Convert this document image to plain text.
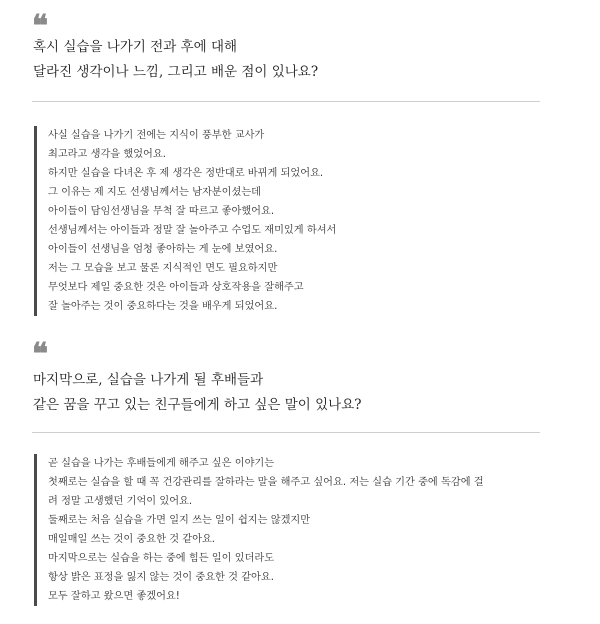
❝
혹시 실습을 나가기 전과 후에 대해
달라진 생각이나 느낌, 그리고 배운 점이 있나요?
사실 실습을 나가기 전에는 지식이 풍부한 교사가
최고라고 생각을 했었어요.
하지만 실습을 다녀온 후 제 생각은 정반대로 바뀌게 되었어요.
그 이유는 제 지도 선생님께서는 남자분이셨는데
아이들이 담임선생님을 무척 잘 따르고 좋아했어요.
선생님께서는 아이들과 정말 잘 놀아주고 수업도 재미있게 하셔서
아이들이 선생님을 엄청 좋아하는 게 눈에 보였어요.
저는 그 모습을 보고 물론 지식적인 면도 필요하지만
무엇보다 제일 중요한 것은 아이들과 상호작용을 잘해주고
잘 놀아주는 것이 중요하다는 것을 배우게 되었어요.
❝
마지막으로, 실습을 나가게 될 후배들과
같은 꿈을 꾸고 있는 친구들에게 하고 싶은 말이 있나요?
곧 실습을 나가는 후배들에게 해주고 싶은 이야기는
첫째로는 실습을 할 때 꼭 건강관리를 잘하라는 말을 해주고 싶어요. 저는 실습 기간 중에 독감에 걸
려 정말 고생했던 기억이 있어요.
둘째로는 처음 실습을 가면 일지 쓰는 일이 쉽지는 않겠지만
매일매일 쓰는 것이 중요한 것 같아요.
마지막으로는 실습을 하는 중에 힘든 일이 있더라도
항상 밝은 표정을 잃지 않는 것이 중요한 것 같아요.
모두 잘하고 왔으면 좋겠어요!
